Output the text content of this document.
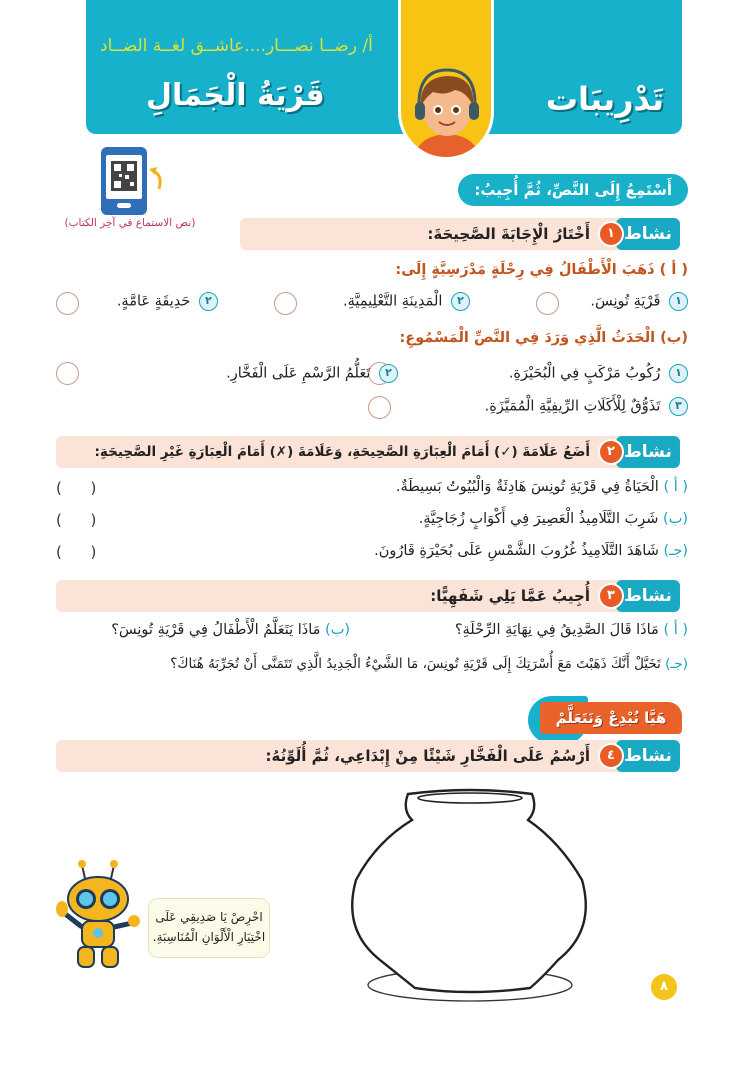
قَرْيَةُ الْجَمَالِ	تَدْرِيبَات
أ/ رضــا نصـــار....عاشــق لغــة الضــاد
(نص الاستماع في آخِر الكتاب)
أَسْتَمِعُ إِلَى النَّصِّ، ثُمَّ أُجِيبُ:
نشاط
١
أَخْتَارُ الْإِجَابَةَ الصَّحِيحَةَ:
( أ ) ذَهَبَ الْأَطْفَالُ فِي رِحْلَةٍ مَدْرَسِيَّةٍ إِلَى:
١ قَرْيَةِ تُونِسَ.
٢ الْمَدِينَةِ التَّعْلِيمِيَّةِ.
٢ حَدِيقَةٍ عَامَّةٍ.
(ب) الْحَدَثُ الَّذِي وَرَدَ فِي النَّصِّ الْمَسْمُوعِ:
١ رُكُوبُ مَرْكَبٍ فِي الْبُحَيْرَةِ.
٢ تَعَلُّمُ الرَّسْمِ عَلَى الْفَخَّارِ.
٣ تَذَوُّقٌ لِلْأَكَلَاتِ الرِّيفِيَّةِ الْمُمَيَّزَةِ.
نشاط
٢
أَضَعُ عَلَامَةَ (✓) أَمَامَ الْعِبَارَةِ الصَّحِيحَةِ، وَعَلَامَةَ (✗) أَمَامَ الْعِبَارَةِ غَيْرِ الصَّحِيحَةِ:
( أ ) الْحَيَاةُ فِي قَرْيَةِ تُونِسَ هَادِئَةٌ وَالْبُيُوتُ بَسِيطَةٌ.
(      )
(ب) شَرِبَ التَّلَامِيذُ الْعَصِيرَ فِي أَكْوَابٍ زُجَاجِيَّةٍ.
(      )
(جـ) شَاهَدَ التَّلَامِيذُ غُرُوبَ الشَّمْسِ عَلَى بُحَيْرَةِ قَارُونَ.
(      )
نشاط
٣
أُجِيبُ عَمَّا يَلِي شَفَهِيًّا:
( أ ) مَاذَا قَالَ الصَّدِيقُ فِي نِهَايَةِ الرِّحْلَةِ؟
(ب) مَاذَا يَتَعَلَّمُ الْأَطْفَالُ فِي قَرْيَةِ تُونِسَ؟
(جـ) تَخَيَّلْ أَنَّكَ ذَهَبْتَ مَعَ أُسْرَتِكَ إِلَى قَرْيَةِ تُونِسَ، مَا الشَّيْءُ الْجَدِيدُ الَّذِي تَتَمَنَّى أَنْ تُجَرِّبَهُ هُنَاكَ؟
هَيَّا نُبْدِعْ وَنَتَعَلَّمْ
نشاط
٤
أَرْسُمُ عَلَى الْفَخَّارِ شَيْئًا مِنْ إِبْدَاعِي، ثُمَّ أُلَوِّنُهُ:
احْرِصْ يَا صَدِيقِي عَلَى
اخْتِيَارِ الْأَلْوَانِ الْمُنَاسِبَةِ.
٨
